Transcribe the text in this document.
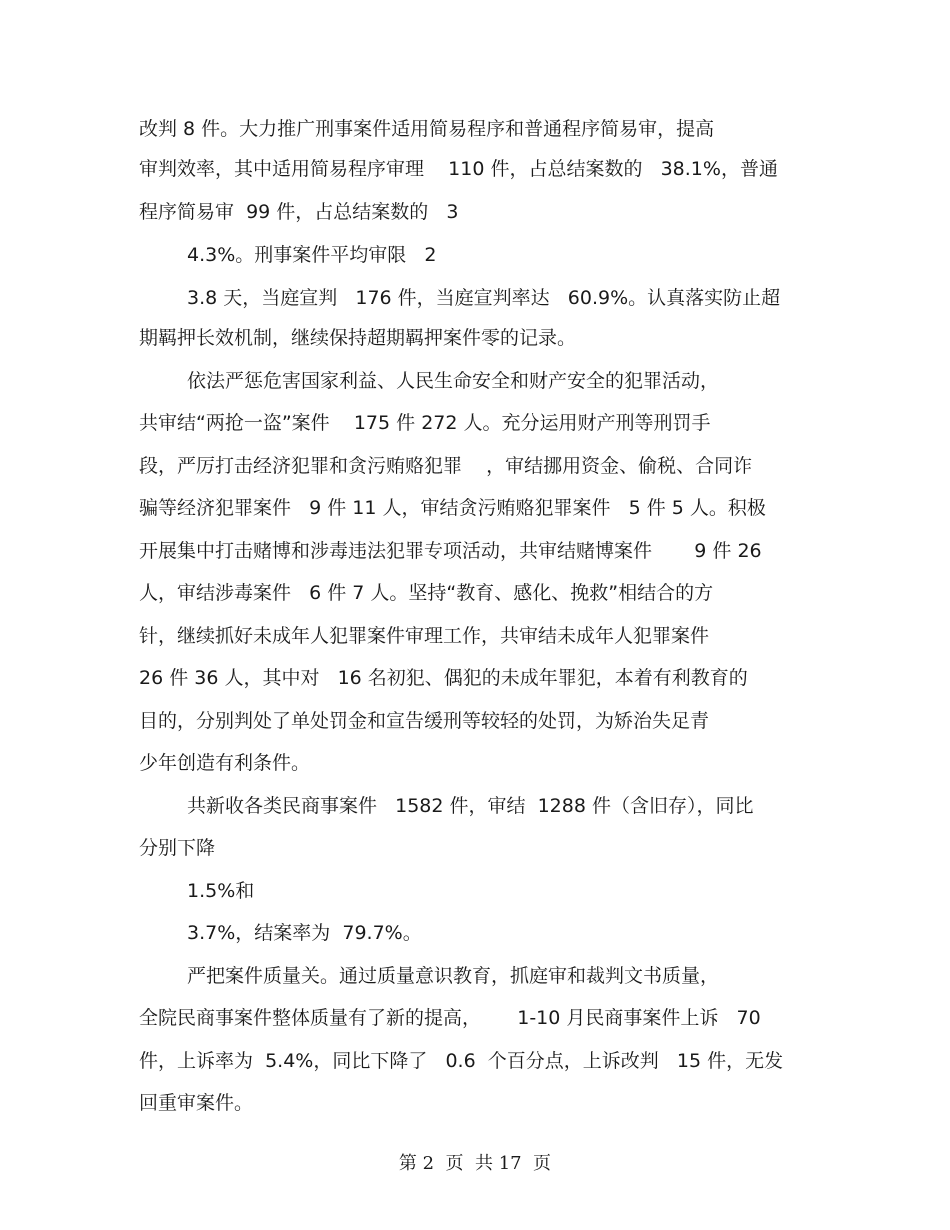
改判 8 件。大力推广刑事案件适用简易程序和普通程序简易审，提高
审判效率，其中适用简易程序审理    110 件，占总结案数的   38.1%，普通
程序简易审  99 件，占总结案数的   3
4.3%。刑事案件平均审限   2
3.8 天，当庭宣判   176 件，当庭宣判率达   60.9%。认真落实防止超
期羁押长效机制，继续保持超期羁押案件零的记录。
依法严惩危害国家利益、人民生命安全和财产安全的犯罪活动，
共审结“两抢一盗”案件    175 件 272 人。充分运用财产刑等刑罚手
段，严厉打击经济犯罪和贪污贿赂犯罪    ，审结挪用资金、偷税、合同诈
骗等经济犯罪案件   9 件 11 人，审结贪污贿赂犯罪案件   5 件 5 人。积极
开展集中打击赌博和涉毒违法犯罪专项活动，共审结赌博案件       9 件 26
人，审结涉毒案件   6 件 7 人。坚持“教育、感化、挽救”相结合的方
针，继续抓好未成年人犯罪案件审理工作，共审结未成年人犯罪案件
26 件 36 人，其中对   16 名初犯、偶犯的未成年罪犯，本着有利教育的
目的，分别判处了单处罚金和宣告缓刑等较轻的处罚，为矫治失足青
少年创造有利条件。
共新收各类民商事案件   1582 件，审结  1288 件（含旧存），同比
分别下降
1.5%和
3.7%，结案率为  79.7%。
严把案件质量关。通过质量意识教育，抓庭审和裁判文书质量，
全院民商事案件整体质量有了新的提高，      1-10 月民商事案件上诉   70
件，上诉率为  5.4%，同比下降了   0.6  个百分点，上诉改判   15 件，无发
回重审案件。
第 2  页  共 17  页
